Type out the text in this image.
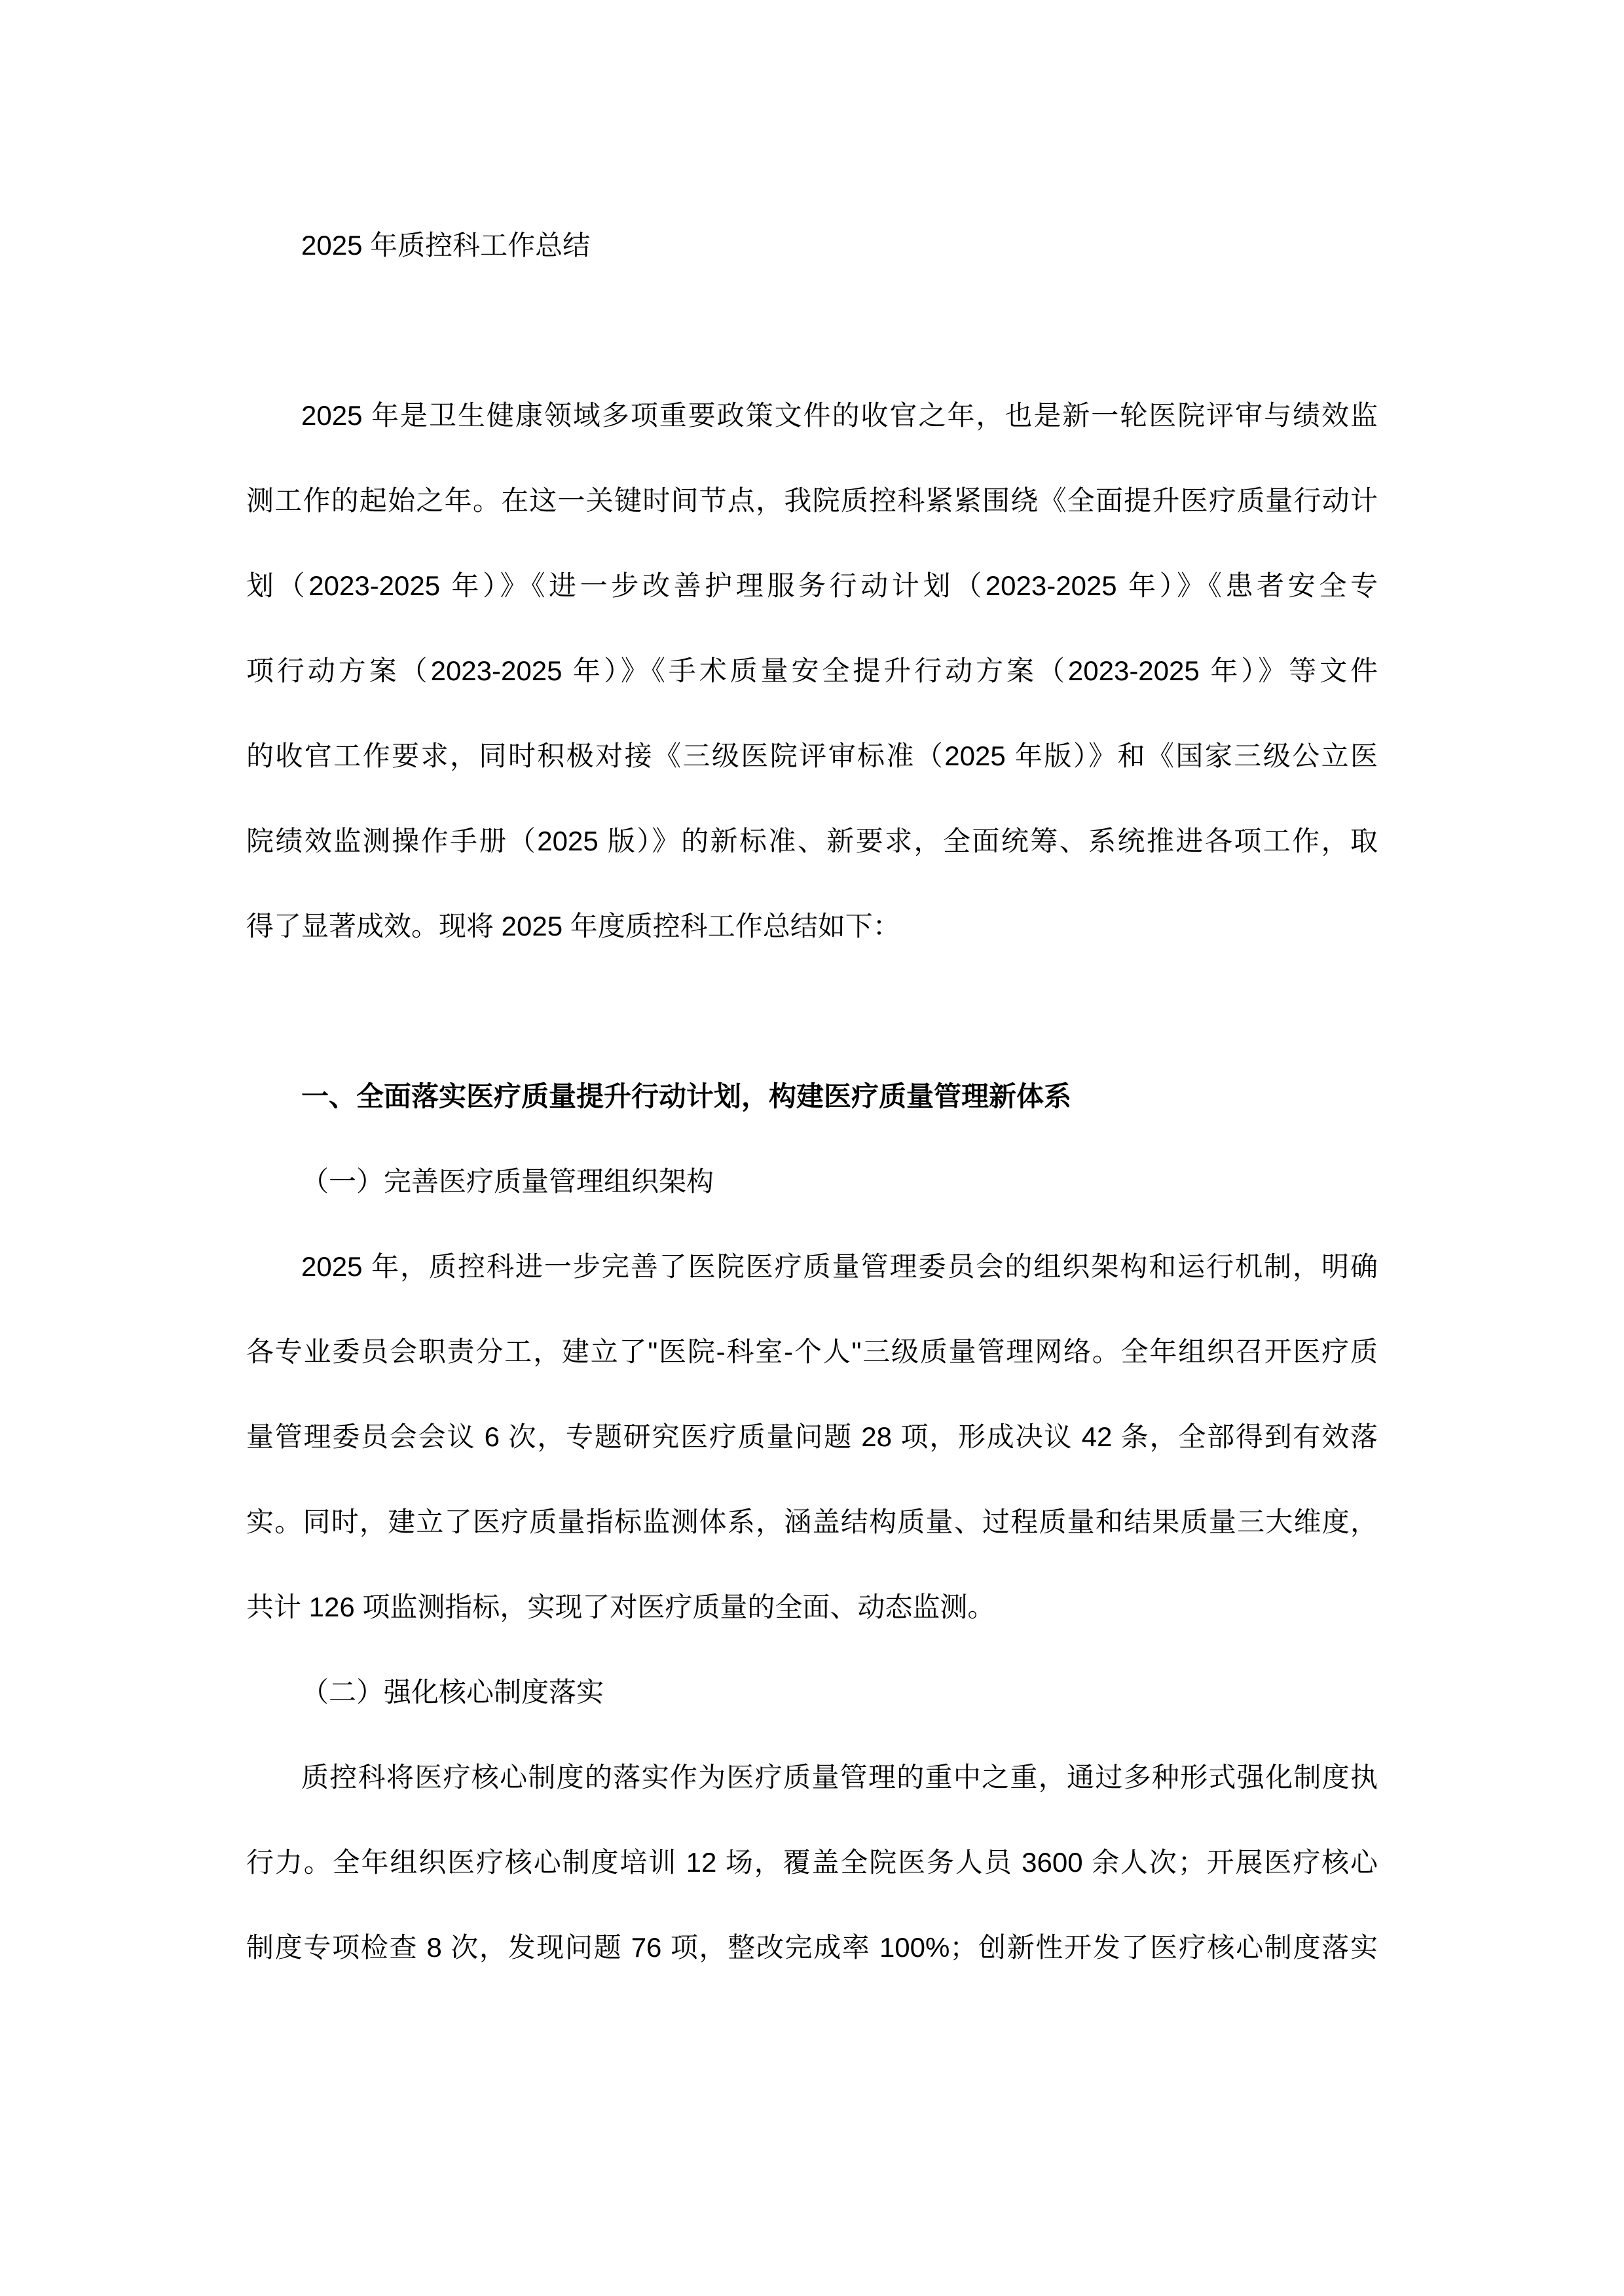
2025 年质控科工作总结
2025 年是卫生健康领域多项重要政策文件的收官之年，也是新一轮医院评审与绩效监
测工作的起始之年。在这一关键时间节点，我院质控科紧紧围绕《全面提升医疗质量行动计
划（2023-2025 年）》《进一步改善护理服务行动计划（2023-2025 年）》《患者安全专
项行动方案（2023-2025 年）》《手术质量安全提升行动方案（2023-2025 年）》等文件
的收官工作要求，同时积极对接《三级医院评审标准（2025 年版）》和《国家三级公立医
院绩效监测操作手册（2025 版）》的新标准、新要求，全面统筹、系统推进各项工作，取
得了显著成效。现将 2025 年度质控科工作总结如下：
一、全面落实医疗质量提升行动计划，构建医疗质量管理新体系
（一）完善医疗质量管理组织架构
2025 年，质控科进一步完善了医院医疗质量管理委员会的组织架构和运行机制，明确
各专业委员会职责分工，建立了"医院-科室-个人"三级质量管理网络。全年组织召开医疗质
量管理委员会会议 6 次，专题研究医疗质量问题 28 项，形成决议 42 条，全部得到有效落
实。同时，建立了医疗质量指标监测体系，涵盖结构质量、过程质量和结果质量三大维度，
共计 126 项监测指标，实现了对医疗质量的全面、动态监测。
（二）强化核心制度落实
质控科将医疗核心制度的落实作为医疗质量管理的重中之重，通过多种形式强化制度执
行力。全年组织医疗核心制度培训 12 场，覆盖全院医务人员 3600 余人次；开展医疗核心
制度专项检查 8 次，发现问题 76 项，整改完成率 100%；创新性开发了医疗核心制度落实
